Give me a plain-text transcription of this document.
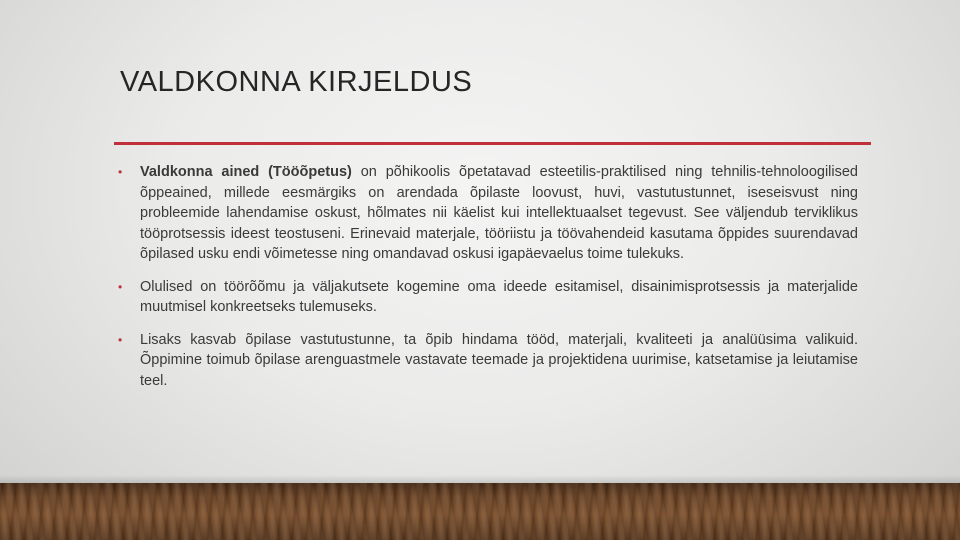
VALDKONNA KIRJELDUS
• Valdkonna ained (Tööõpetus) on põhikoolis õpetatavad esteetilis-praktilised ning tehnilis-tehnoloogilised õppeained, millede eesmärgiks on arendada õpilaste loovust, huvi, vastutustunnet, iseseisvust ning probleemide lahendamise oskust, hõlmates nii käelist kui intellektuaalset tegevust. See väljendub terviklikus tööprotsessis ideest teostuseni. Erinevaid materjale, tööriistu ja töövahendeid kasutama õppides suurendavad õpilased usku endi võimetesse ning omandavad oskusi igapäevaelus toime tulekuks.
• Olulised on töörõõmu ja väljakutsete kogemine oma ideede esitamisel, disainimisprotsessis ja materjalide muutmisel konkreetseks tulemuseks.
• Lisaks kasvab õpilase vastutustunne, ta õpib hindama tööd, materjali, kvaliteeti ja analüüsima valikuid. Õppimine toimub õpilase arenguastmele vastavate teemade ja projektidena uurimise, katsetamise ja leiutamise teel.
